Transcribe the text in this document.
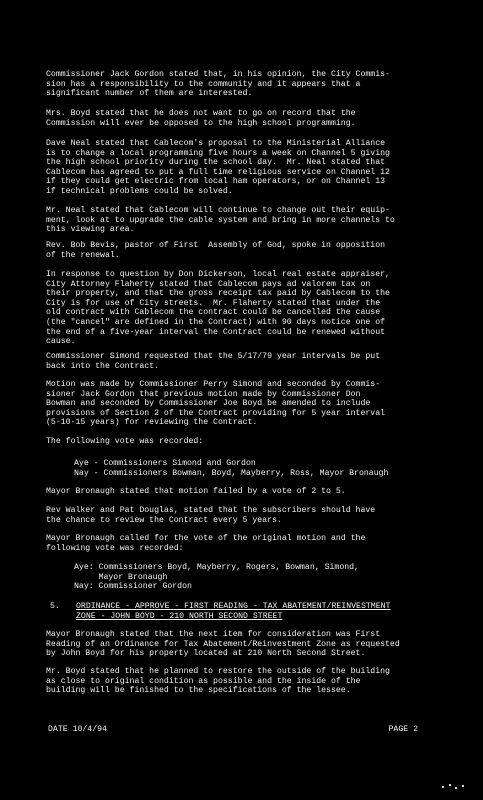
Commissioner Jack Gordon stated that, in his opinion, the City Commis-
sion has a responsibility to the community and it appears that a
significant number of them are interested.
Mrs. Boyd stated that he does not want to go on record that the
Commission will ever be opposed to the high school programming.
Dave Neal stated that Cablecom's proposal to the Ministerial Alliance
is to change a local programming five hours a week on Channel 5 giving
the high school priority during the school day.  Mr. Neal stated that
Cablecom has agreed to put a full time religious service on Channel 12
if they could get electric from local ham operators, or on Channel 13
if technical problems could be solved.
Mr. Neal stated that Cablecom will continue to change out their equip-
ment, look at to upgrade the cable system and bring in more channels to
this viewing area.
Rev. Bob Bevis, pastor of First  Assembly of God, spoke in opposition
of the renewal.
In response to question by Don Dickerson, local real estate appraiser,
City Attorney Flaherty stated that Cablecom pays ad valorem tax on
their property, and that the gross receipt tax paid by Cablecom to the
City is for use of City streets.  Mr. Flaherty stated that under the
old contract with Cablecom the contract could be cancelled the cause
(the "cancel" are defined in the Contract) with 90 days notice one of
the end of a five-year interval the Contract could be renewed without
cause.
Commissioner Simond requested that the 5/17/79 year intervals be put
back into the Contract.
Motion was made by Commissioner Perry Simond and seconded by Commis-
sioner Jack Gordon that previous motion made by Commissioner Don
Bowman and seconded by Commissioner Joe Boyd be amended to include
provisions of Section 2 of the Contract providing for 5 year interval
(5-10-15 years) for reviewing the Contract.
The following vote was recorded:
Aye - Commissioners Simond and Gordon
Nay - Commissioners Bowman, Boyd, Mayberry, Ross, Mayor Bronaugh
Mayor Bronaugh stated that motion failed by a vote of 2 to 5.
Rev Walker and Pat Douglas, stated that the subscribers should have
the chance to review the Contract every 5 years.
Mayor Bronaugh called for the vote of the original motion and the
following vote was recorded:
Aye: Commissioners Boyd, Mayberry, Rogers, Bowman, Simond,
Mayor Bronaugh
Nay: Commissioner Gordon
5. ORDINANCE - APPROVE - FIRST READING - TAX ABATEMENT/REINVESTMENT
ZONE - JOHN BOYD - 210 NORTH SECOND STREET
Mayor Bronaugh stated that the next item for consideration was First
Reading of an Ordinance for Tax Abatement/Reinvestment Zone as requested
by John Boyd for his property located at 210 North Second Street.
Mr. Boyd stated that he planned to restore the outside of the building
as close to original condition as possible and the inside of the
building will be finished to the specifications of the lessee.
DATE 10/4/94	PAGE 2
